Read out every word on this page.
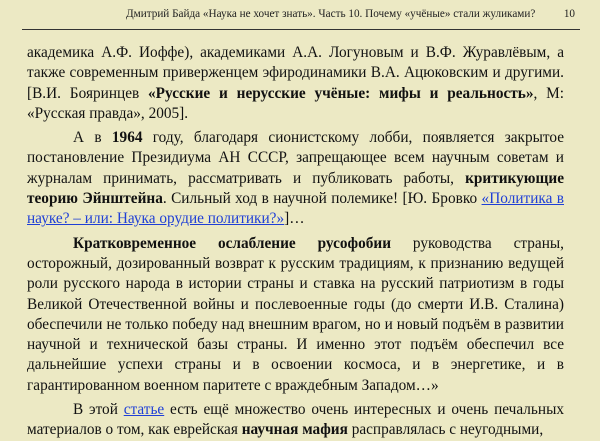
Дмитрий Байда «Наука не хочет знать». Часть 10. Почему «учёные» стали жуликами?	10

академика А.Ф. Иоффе), академиками А.А. Логуновым и В.Ф. Журавлёвым, а также современным приверженцем эфиродинамики В.А. Ацюковским и другими. [В.И. Бояринцев «Русские и нерусские учёные: мифы и реальность», М: «Русская правда», 2005].

А в 1964 году, благодаря сионистскому лобби, появляется закрытое постановление Президиума АН СССР, запрещающее всем научным советам и журналам принимать, рассматривать и публиковать работы, критикующие теорию Эйнштейна. Сильный ход в научной полемике! [Ю. Бровко «Политика в науке? – или: Наука орудие политики?»]…

Кратковременное ослабление русофобии руководства страны, осторожный, дозированный возврат к русским традициям, к признанию ведущей роли русского народа в истории страны и ставка на русский патриотизм в годы Великой Отечественной войны и послевоенные годы (до смерти И.В. Сталина) обеспечили не только победу над внешним врагом, но и новый подъём в развитии научной и технической базы страны. И именно этот подъём обеспечил все дальнейшие успехи страны и в освоении космоса, и в энергетике, и в гарантированном военном паритете с враждебным Западом…»

В этой статье есть ещё множество очень интересных и очень печальных материалов о том, как еврейская научная мафия расправлялась с неугодными,
